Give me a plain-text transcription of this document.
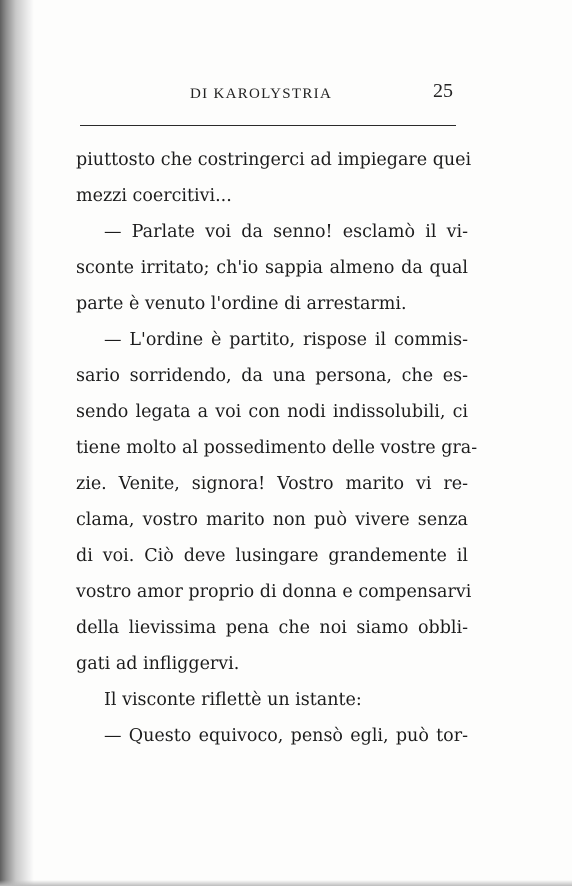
DI KAROLYSTRIA	25
piuttosto che costringerci ad impiegare quei
mezzi coercitivi...
— Parlate voi da senno! esclamò il vi-
sconte irritato; ch'io sappia almeno da qual
parte è venuto l'ordine di arrestarmi.
— L'ordine è partito, rispose il commis-
sario sorridendo, da una persona, che es-
sendo legata a voi con nodi indissolubili, ci
tiene molto al possedimento delle vostre gra-
zie. Venite, signora! Vostro marito vi re-
clama, vostro marito non può vivere senza
di voi. Ciò deve lusingare grandemente il
vostro amor proprio di donna e compensarvi
della lievissima pena che noi siamo obbli-
gati ad infliggervi.
Il visconte riflettè un istante:
— Questo equivoco, pensò egli, può tor-
